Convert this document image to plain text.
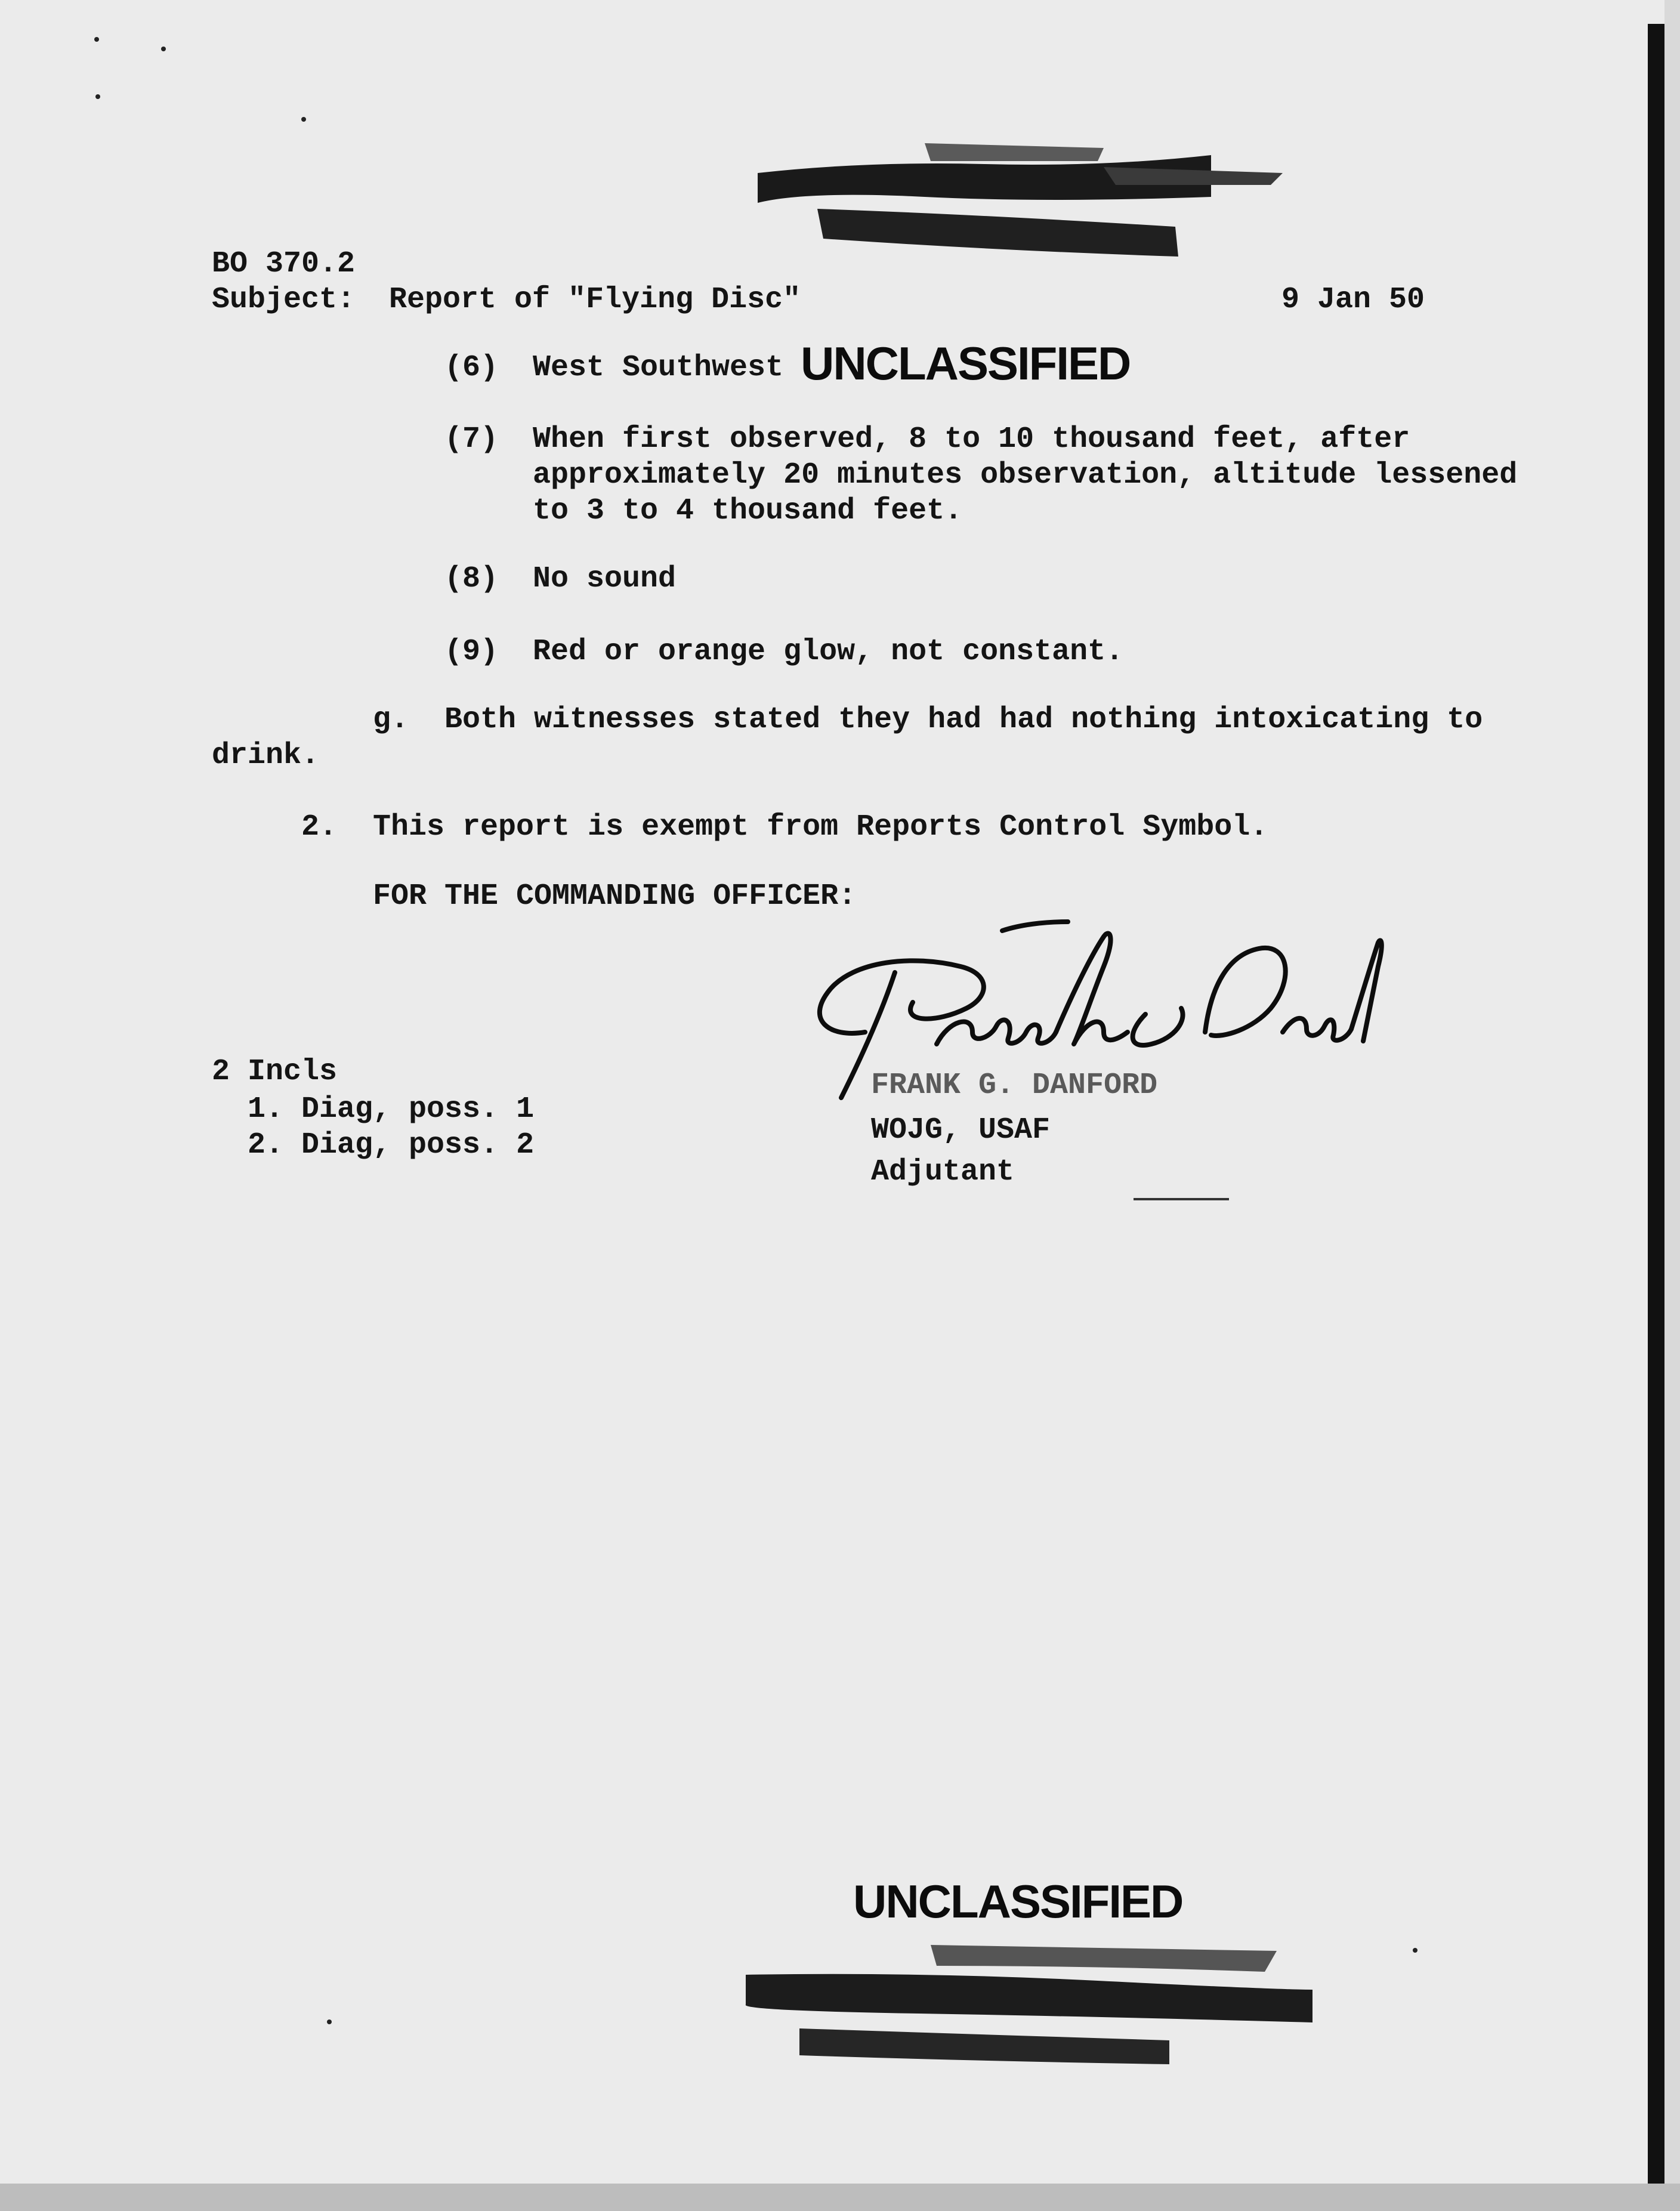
BO 370.2
Subject: Report of "Flying Disc"	9 Jan 50
(6) West Southwest UNCLASSIFIED
(7) When first observed, 8 to 10 thousand feet, after
approximately 20 minutes observation, altitude lessened
to 3 to 4 thousand feet.
(8) No sound
(9) Red or orange glow, not constant.
g. Both witnesses stated they had had nothing intoxicating to
drink.
2. This report is exempt from Reports Control Symbol.
FOR THE COMMANDING OFFICER:
2 Incls
1. Diag, poss. 1
2. Diag, poss. 2
FRANK G. DANFORD
WOJG, USAF
Adjutant
UNCLASSIFIED
